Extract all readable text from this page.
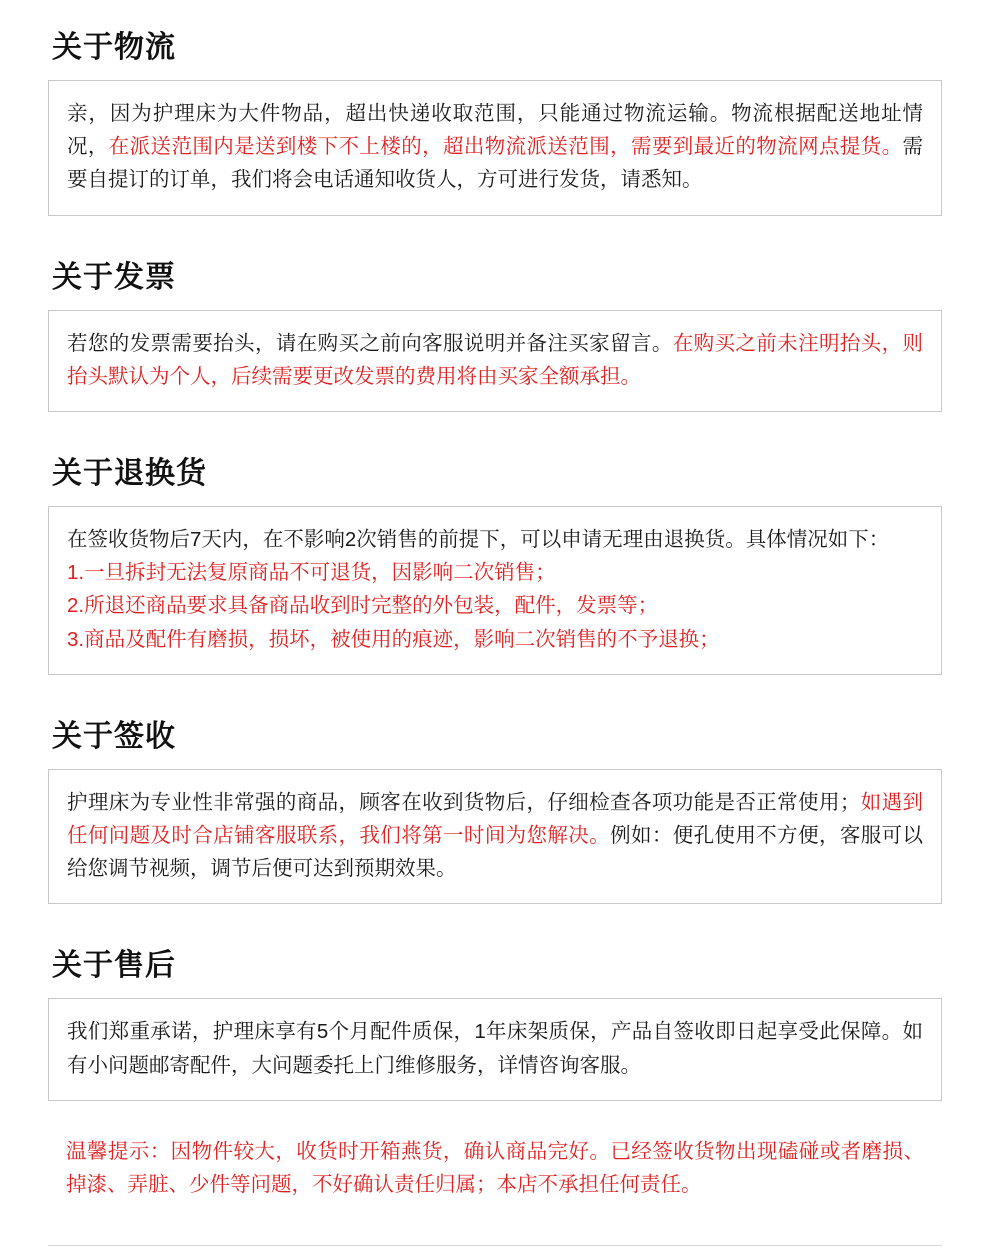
关于物流

亲，因为护理床为大件物品，超出快递收取范围，只能通过物流运输。物流根据配送地址情况，在派送范围内是送到楼下不上楼的，超出物流派送范围，需要到最近的物流网点提货。需要自提订的订单，我们将会电话通知收货人，方可进行发货，请悉知。

关于发票

若您的发票需要抬头，请在购买之前向客服说明并备注买家留言。在购买之前未注明抬头，则抬头默认为个人，后续需要更改发票的费用将由买家全额承担。

关于退换货

在签收货物后7天内，在不影响2次销售的前提下，可以申请无理由退换货。具体情况如下：

1.一旦拆封无法复原商品不可退货，因影响二次销售；

2.所退还商品要求具备商品收到时完整的外包装，配件，发票等；

3.商品及配件有磨损，损坏，被使用的痕迹，影响二次销售的不予退换；

关于签收

护理床为专业性非常强的商品，顾客在收到货物后，仔细检查各项功能是否正常使用；如遇到任何问题及时合店铺客服联系，我们将第一时间为您解决。例如：便孔使用不方便，客服可以给您调节视频，调节后便可达到预期效果。

关于售后

我们郑重承诺，护理床享有5个月配件质保，1年床架质保，产品自签收即日起享受此保障。如有小问题邮寄配件，大问题委托上门维修服务，详情咨询客服。

温馨提示：因物件较大，收货时开箱燕货，确认商品完好。已经签收货物出现磕碰或者磨损、掉漆、弄脏、少件等问题，不好确认责任归属；本店不承担任何责任。
